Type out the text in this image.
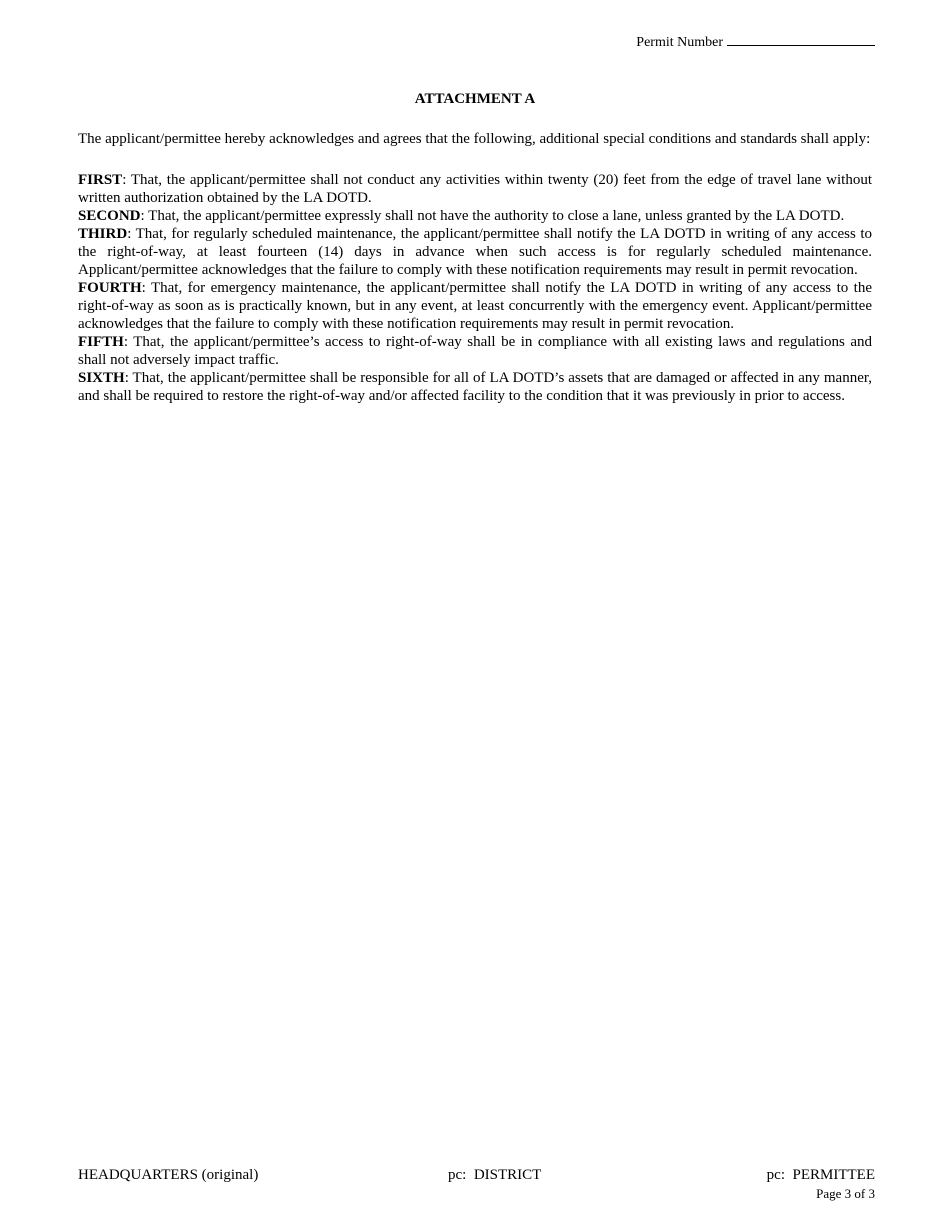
Permit Number
ATTACHMENT A

The applicant/permittee hereby acknowledges and agrees that the following, additional special conditions and standards shall apply:

FIRST: That, the applicant/permittee shall not conduct any activities within twenty (20) feet from the edge of travel lane without written authorization obtained by the LA DOTD.

SECOND: That, the applicant/permittee expressly shall not have the authority to close a lane, unless granted by the LA DOTD.

THIRD: That, for regularly scheduled maintenance, the applicant/permittee shall notify the LA DOTD in writing of any access to the right-of-way, at least fourteen (14) days in advance when such access is for regularly scheduled maintenance. Applicant/permittee acknowledges that the failure to comply with these notification requirements may result in permit revocation.

FOURTH: That, for emergency maintenance, the applicant/permittee shall notify the LA DOTD in writing of any access to the right-of-way as soon as is practically known, but in any event, at least concurrently with the emergency event. Applicant/permittee acknowledges that the failure to comply with these notification requirements may result in permit revocation.

FIFTH: That, the applicant/permittee’s access to right-of-way shall be in compliance with all existing laws and regulations and shall not adversely impact traffic.

SIXTH: That, the applicant/permittee shall be responsible for all of LA DOTD’s assets that are damaged or affected in any manner, and shall be required to restore the right-of-way and/or affected facility to the condition that it was previously in prior to access.

HEADQUARTERS (original)	pc:  DISTRICT	pc:  PERMITTEE
Page 3 of 3
